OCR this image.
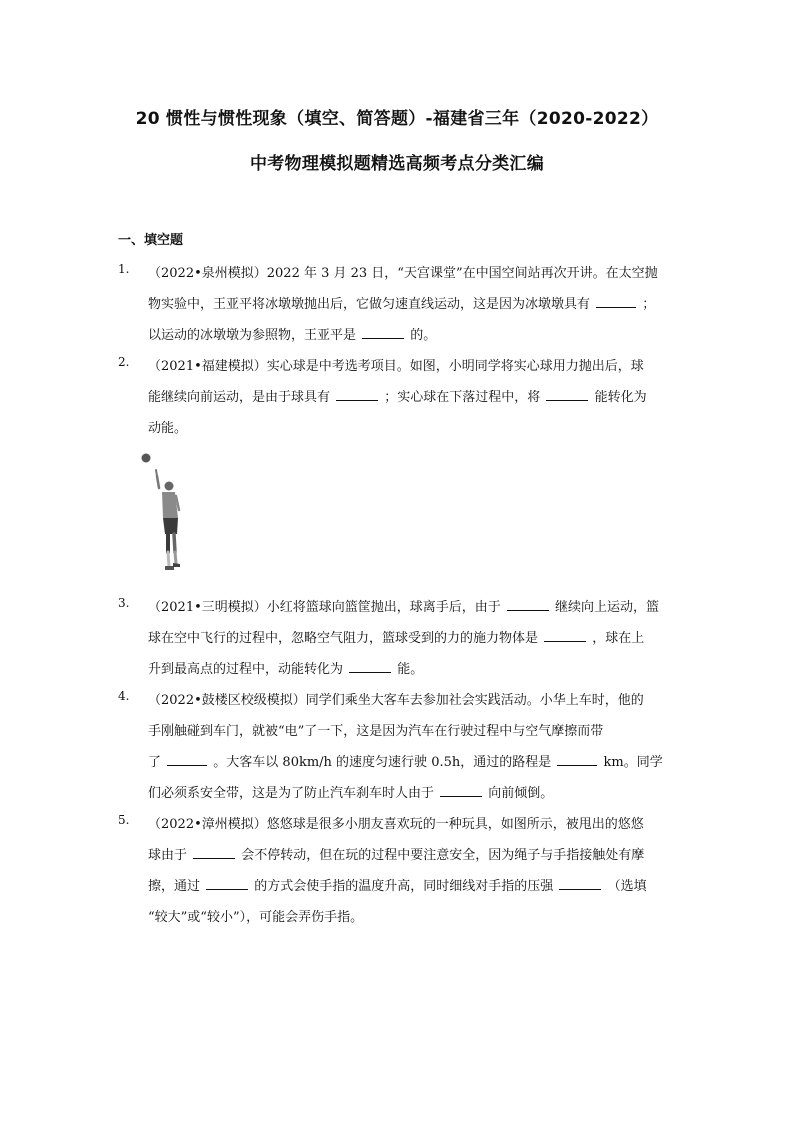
20 惯性与惯性现象（填空、简答题）-福建省三年（2020-2022）
中考物理模拟题精选高频考点分类汇编
一、填空题
1.	（2022•泉州模拟）2022 年 3 月 23 日，“天宫课堂”在中国空间站再次开讲。在太空抛
物实验中，王亚平将冰墩墩抛出后，它做匀速直线运动，这是因为冰墩墩具有	；
以运动的冰墩墩为参照物，王亚平是	的。
2.	（2021•福建模拟）实心球是中考选考项目。如图，小明同学将实心球用力抛出后，球
能继续向前运动，是由于球具有	；实心球在下落过程中，将	能转化为
动能。
3.	（2021•三明模拟）小红将篮球向篮筐抛出，球离手后，由于	继续向上运动，篮
球在空中飞行的过程中，忽略空气阻力，篮球受到的力的施力物体是	，球在上
升到最高点的过程中，动能转化为	能。
4.	（2022•鼓楼区校级模拟）同学们乘坐大客车去参加社会实践活动。小华上车时，他的
手刚触碰到车门，就被“电”了一下，这是因为汽车在行驶过程中与空气摩擦而带
了	。大客车以 80km/h 的速度匀速行驶 0.5h，通过的路程是	km。同学
们必须系安全带，这是为了防止汽车刹车时人由于	向前倾倒。
5.	（2022•漳州模拟）悠悠球是很多小朋友喜欢玩的一种玩具，如图所示，被甩出的悠悠
球由于	会不停转动，但在玩的过程中要注意安全，因为绳子与手指接触处有摩
擦，通过	的方式会使手指的温度升高，同时细线对手指的压强	（选填
“较大”或“较小”），可能会弄伤手指。
